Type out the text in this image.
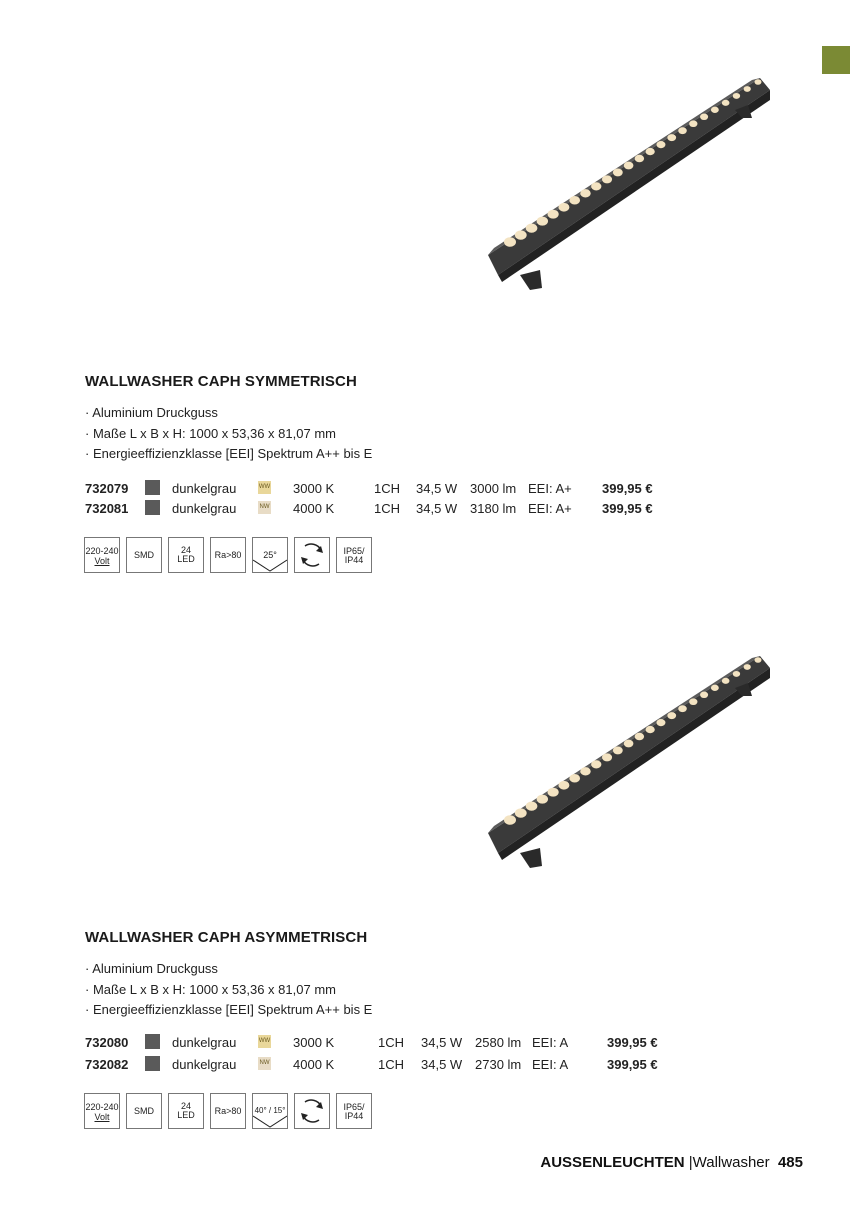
WALLWASHER CAPH SYMMETRISCH
· Aluminium Druckguss
· Maße L x B x H: 1000 x 53,36 x 81,07 mm
· Energieeffizienzklasse [EEI] Spektrum A++ bis E
732079	dunkelgrau	WW 3000 K	1CH 34,5 W 3000 lm EEI: A+ 399,95 €
732081	dunkelgrau	NW 4000 K	1CH 34,5 W 3180 lm EEI: A+ 399,95 €
220-240
Volt
SMD	24
LED	Ra>80	25°	IP65/
IP44
WALLWASHER CAPH ASYMMETRISCH
· Aluminium Druckguss
· Maße L x B x H: 1000 x 53,36 x 81,07 mm
· Energieeffizienzklasse [EEI] Spektrum A++ bis E
732080	dunkelgrau	WW 3000 K	1CH 34,5 W 2580 lm EEI: A	399,95 €
732082	dunkelgrau	NW 4000 K	1CH 34,5 W 2730 lm EEI: A	399,95 €
220-240
Volt
SMD	24
LED	Ra>80	40° / 15°	IP65/
IP44
AUSSENLEUCHTEN |Wallwasher 485
